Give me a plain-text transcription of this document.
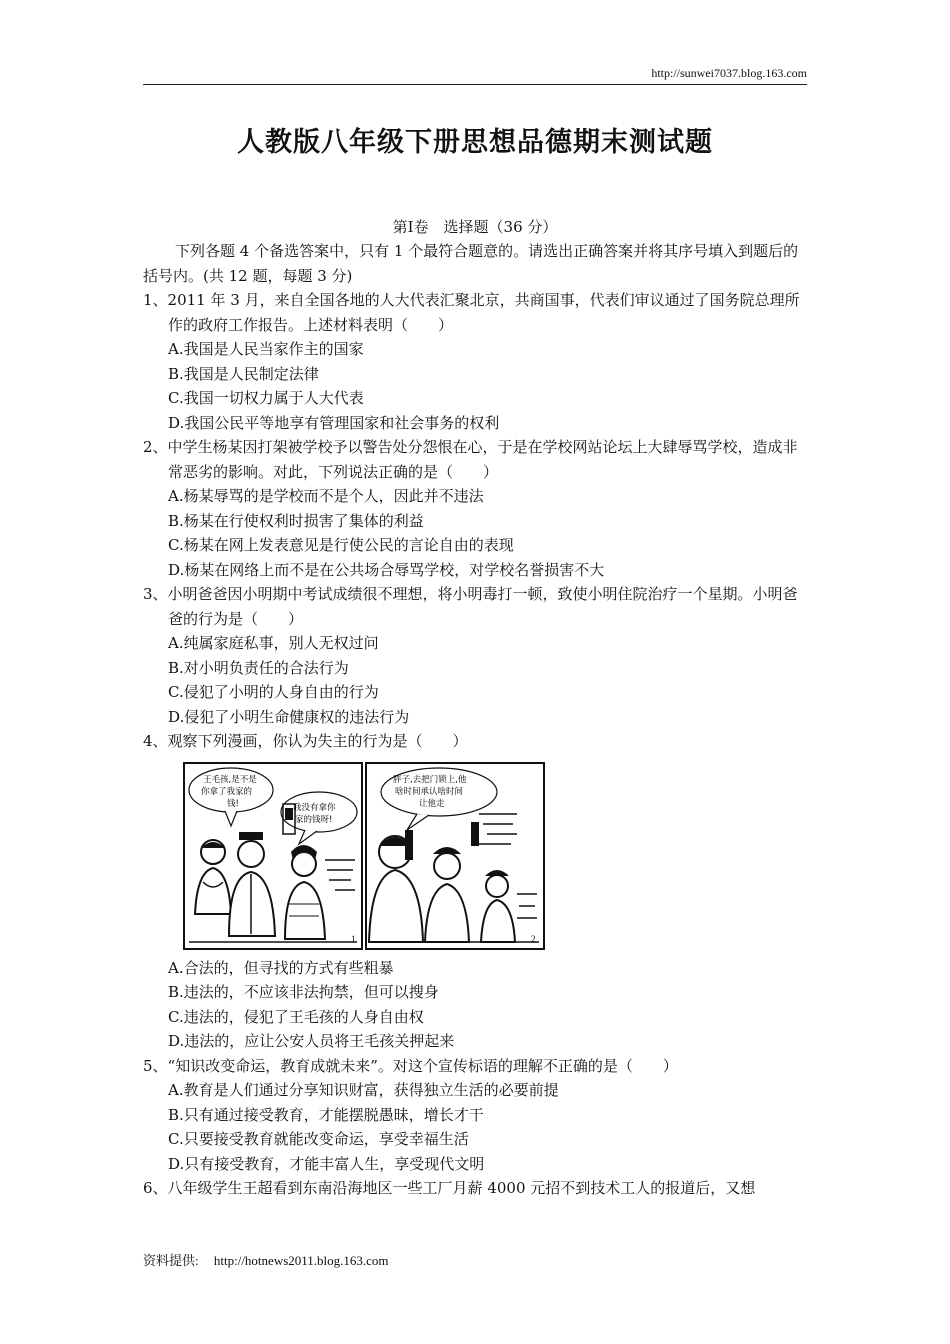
http://sunwei7037.blog.163.com
人教版八年级下册思想品德期末测试题
第Ⅰ卷　选择题（36 分）
下列各题 4 个备选答案中，只有 1 个最符合题意的。请选出正确答案并将其序号填入到题后的括号内。(共 12 题，每题 3 分)
1、2011 年 3 月，来自全国各地的人大代表汇聚北京，共商国事，代表们审议通过了国务院总理所作的政府工作报告。上述材料表明（　　）
A.我国是人民当家作主的国家
B.我国是人民制定法律
C.我国一切权力属于人大代表
D.我国公民平等地享有管理国家和社会事务的权利
2、中学生杨某因打架被学校予以警告处分怨恨在心，于是在学校网站论坛上大肆辱骂学校，造成非常恶劣的影响。对此，下列说法正确的是（　　）
A.杨某辱骂的是学校而不是个人，因此并不违法
B.杨某在行使权利时损害了集体的利益
C.杨某在网上发表意见是行使公民的言论自由的表现
D.杨某在网络上而不是在公共场合辱骂学校，对学校名誉损害不大
3、小明爸爸因小明期中考试成绩很不理想，将小明毒打一顿，致使小明住院治疗一个星期。小明爸爸的行为是（　　）
A.纯属家庭私事，别人无权过问
B.对小明负责任的合法行为
C.侵犯了小明的人身自由的行为
D.侵犯了小明生命健康权的违法行为
4、观察下列漫画，你认为失主的行为是（　　）
王毛孩,是不是
你拿了我家的
钱!	我没有拿你
家的钱呀!
1
胖子,去把门锁上,他
啥时间承认啥时间
让他走
2
A.合法的，但寻找的方式有些粗暴
B.违法的，不应该非法拘禁，但可以搜身
C.违法的，侵犯了王毛孩的人身自由权
D.违法的，应让公安人员将王毛孩关押起来
5、“知识改变命运，教育成就未来”。对这个宣传标语的理解不正确的是（　　）
A.教育是人们通过分享知识财富，获得独立生活的必要前提
B.只有通过接受教育，才能摆脱愚昧，增长才干
C.只要接受教育就能改变命运，享受幸福生活
D.只有接受教育，才能丰富人生，享受现代文明
6、八年级学生王超看到东南沿海地区一些工厂月薪 4000 元招不到技术工人的报道后，又想
资料提供: http://hotnews2011.blog.163.com
